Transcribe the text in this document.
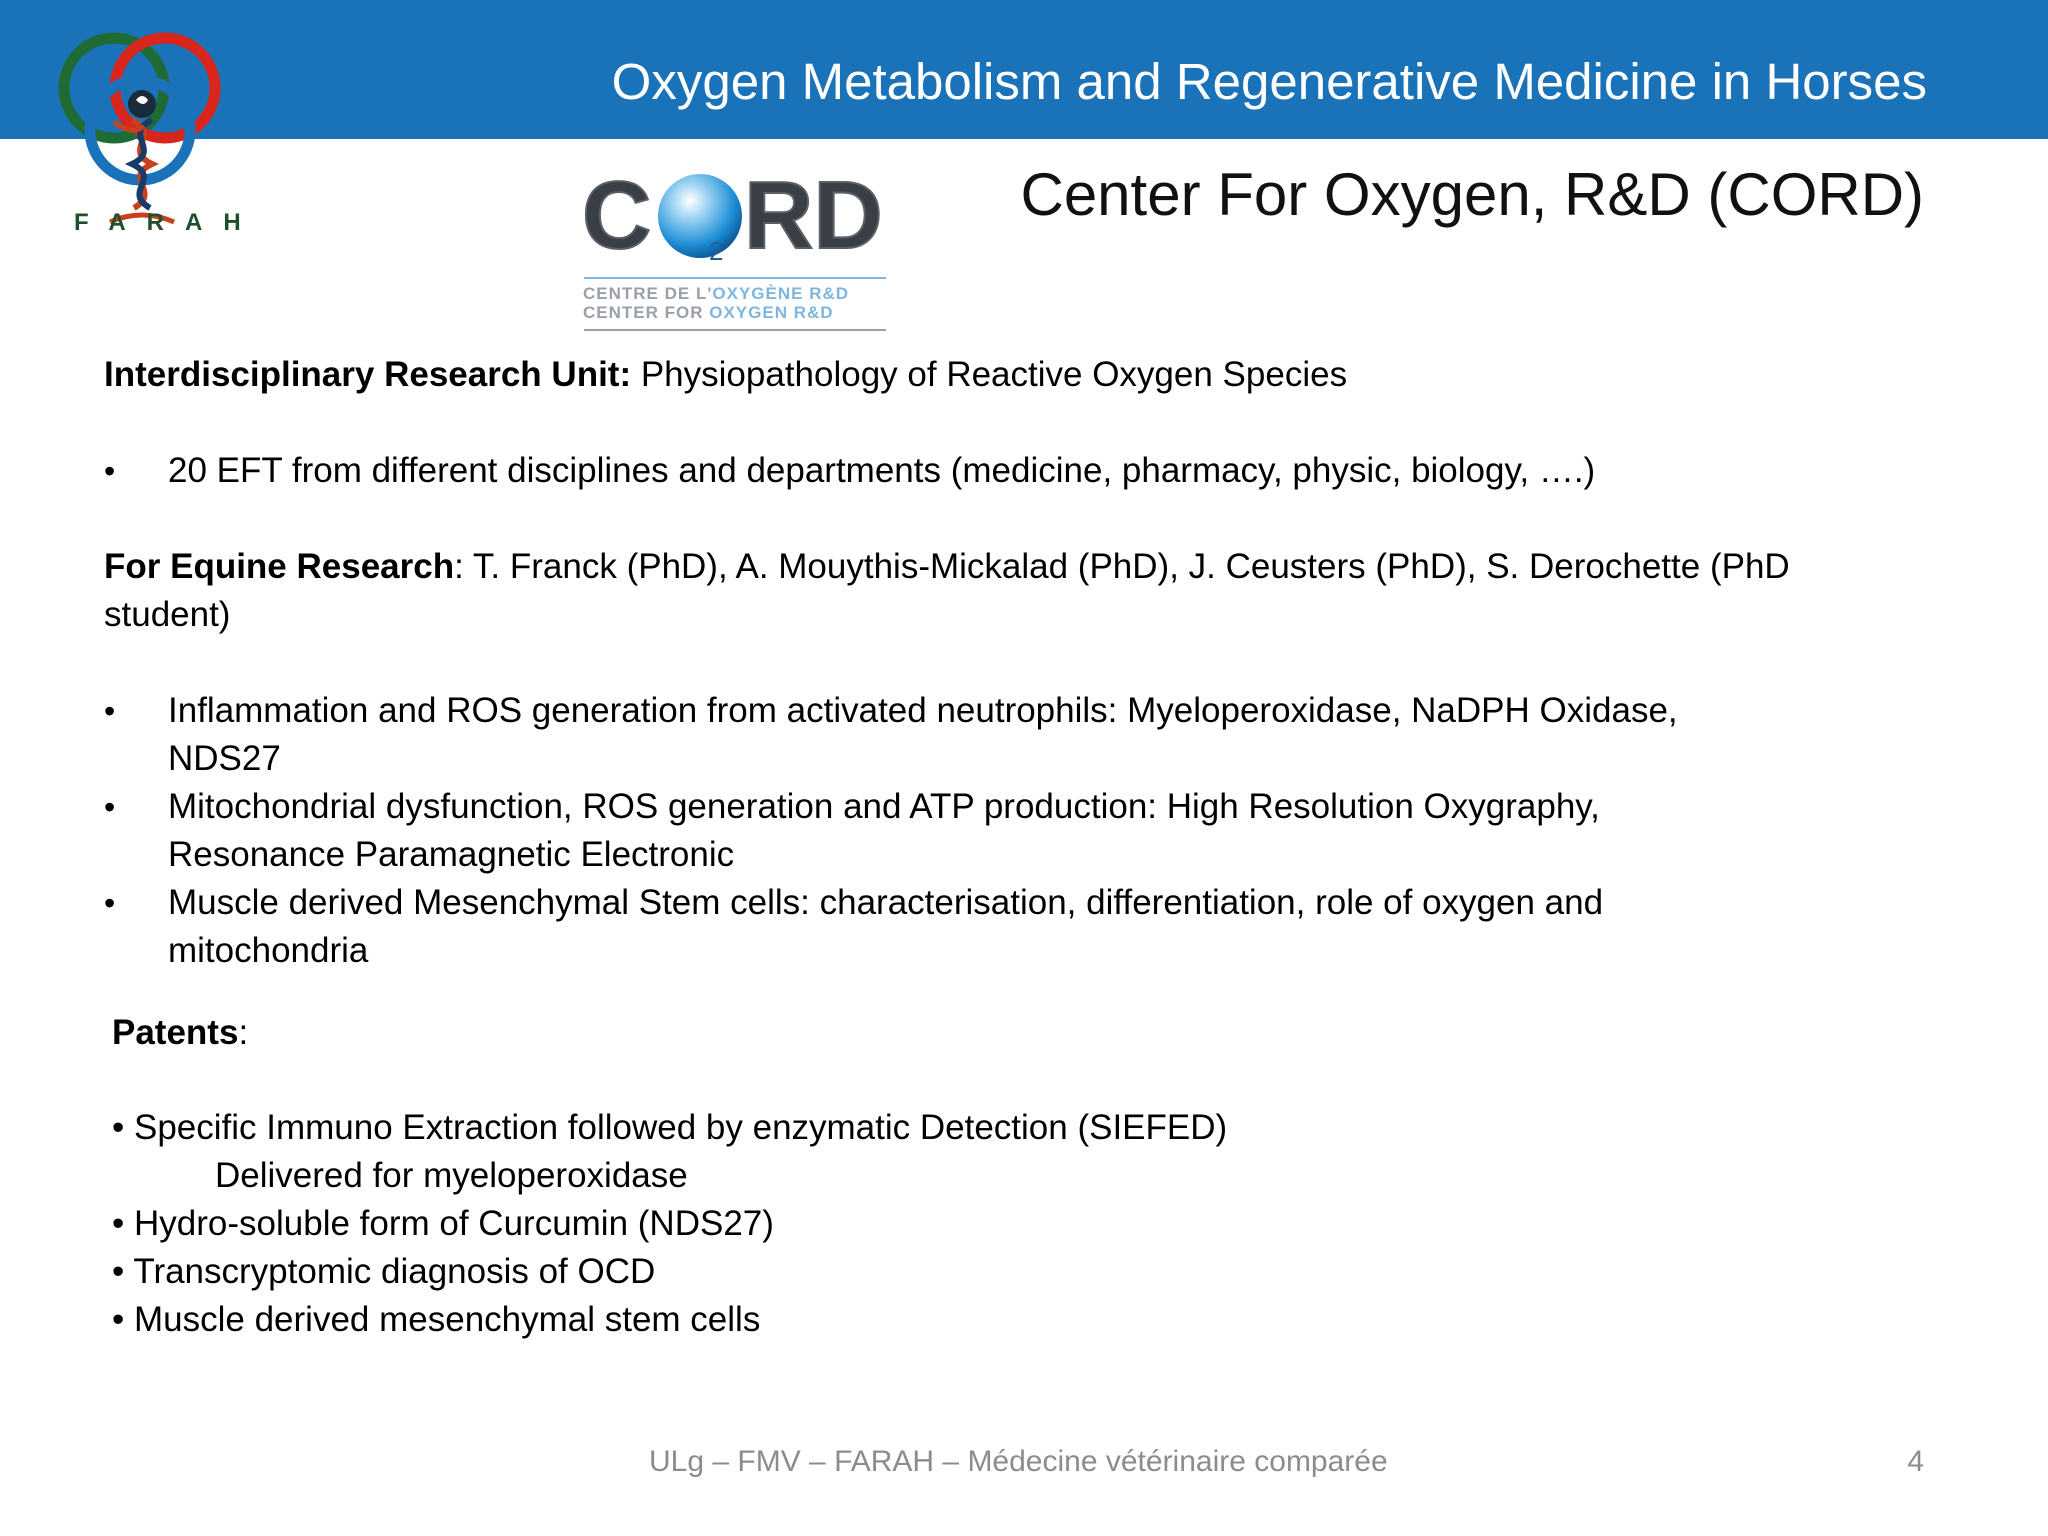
Oxygen Metabolism and Regenerative Medicine in Horses
FARAH	C 2 RD
CENTRE DE L'OXYGÈNE R&D
CENTER FOR OXYGEN R&D
Center For Oxygen, R&D (CORD)
Interdisciplinary Research Unit: Physiopathology of Reactive Oxygen Species
• 20 EFT from different disciplines and departments (medicine, pharmacy, physic, biology, ….)
For Equine Research: T. Franck (PhD), A. Mouythis-Mickalad (PhD), J. Ceusters (PhD), S. Derochette (PhD
student)
• Inflammation and ROS generation from activated neutrophils: Myeloperoxidase, NaDPH Oxidase,
NDS27
• Mitochondrial dysfunction, ROS generation and ATP production: High Resolution Oxygraphy,
Resonance Paramagnetic Electronic
• Muscle derived Mesenchymal Stem cells: characterisation, differentiation, role of oxygen and
mitochondria
Patents:
• Specific Immuno Extraction followed by enzymatic Detection (SIEFED)
Delivered for myeloperoxidase
• Hydro-soluble form of Curcumin (NDS27)
• Transcryptomic diagnosis of OCD
• Muscle derived mesenchymal stem cells
ULg – FMV – FARAH – Médecine vétérinaire comparée	4
